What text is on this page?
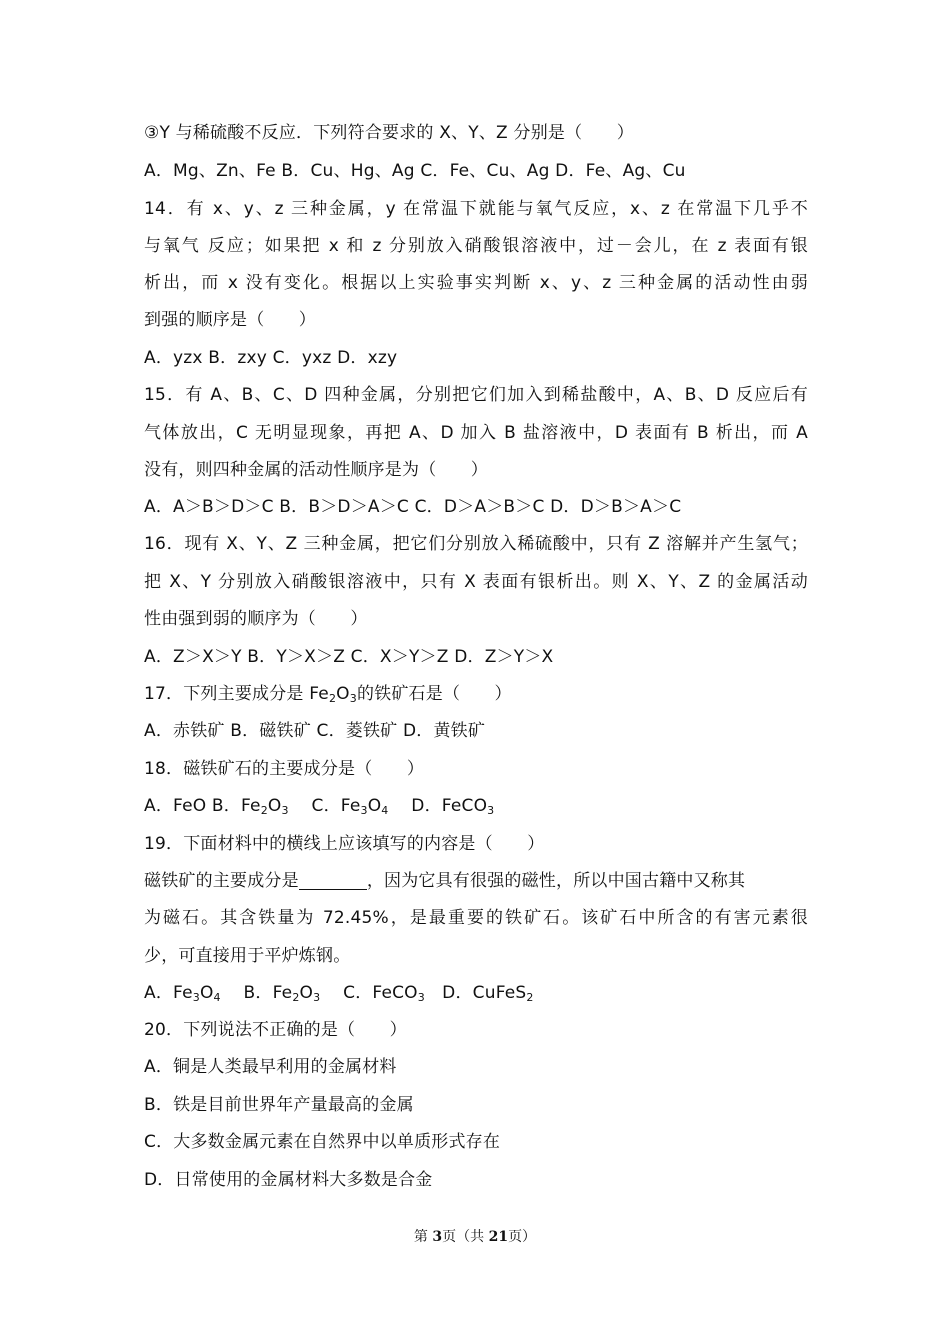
③Y 与稀硫酸不反应．下列符合要求的 X、Y、Z 分别是（　　）
A．Mg、Zn、Fe B．Cu、Hg、Ag C．Fe、Cu、Ag D．Fe、Ag、Cu
14．有 x、y、z 三种金属，y 在常温下就能与氧气反应，x、z 在常温下几乎不
与氧气 反应；如果把 x 和 z 分别放入硝酸银溶液中，过－会儿，在 z 表面有银
析出，而 x 没有变化。根据以上实验事实判断 x、y、z 三种金属的活动性由弱
到强的顺序是（　　）
A．yzx B．zxy C．yxz D．xzy
15．有 A、B、C、D 四种金属，分别把它们加入到稀盐酸中，A、B、D 反应后有
气体放出，C 无明显现象，再把 A、D 加入 B 盐溶液中，D 表面有 B 析出，而 A
没有，则四种金属的活动性顺序是为（　　）
A．A＞B＞D＞C B．B＞D＞A＞C C．D＞A＞B＞C D．D＞B＞A＞C
16．现有 X、Y、Z 三种金属，把它们分别放入稀硫酸中，只有 Z 溶解并产生氢气；
把 X、Y 分别放入硝酸银溶液中，只有 X 表面有银析出。则 X、Y、Z 的金属活动
性由强到弱的顺序为（　　）
A．Z＞X＞Y B．Y＞X＞Z C．X＞Y＞Z D．Z＞Y＞X
17．下列主要成分是 $Fe_2O_3$的铁矿石是（　　）
A．赤铁矿 B．磁铁矿 C．菱铁矿 D．黄铁矿
18．磁铁矿石的主要成分是（　　）
A．FeO B．$Fe_2O_3$　 C．$Fe_3O_4$　 D．FeCO$_3$
19．下面材料中的横线上应该填写的内容是（　　）
磁铁矿的主要成分是	，因为它具有很强的磁性，所以中国古籍中又称其
为磁石。其含铁量为 72.45%，是最重要的铁矿石。该矿石中所含的有害元素很
少，可直接用于平炉炼钢。
A．$Fe_3O_4$　 B．$Fe_2O_3$　 C．FeCO$_3$　D．CuFeS$_2$
20．下列说法不正确的是（　　）
A．铜是人类最早利用的金属材料
B．铁是目前世界年产量最高的金属
C．大多数金属元素在自然界中以单质形式存在
D．日常使用的金属材料大多数是合金
第 3页（共 21页）
